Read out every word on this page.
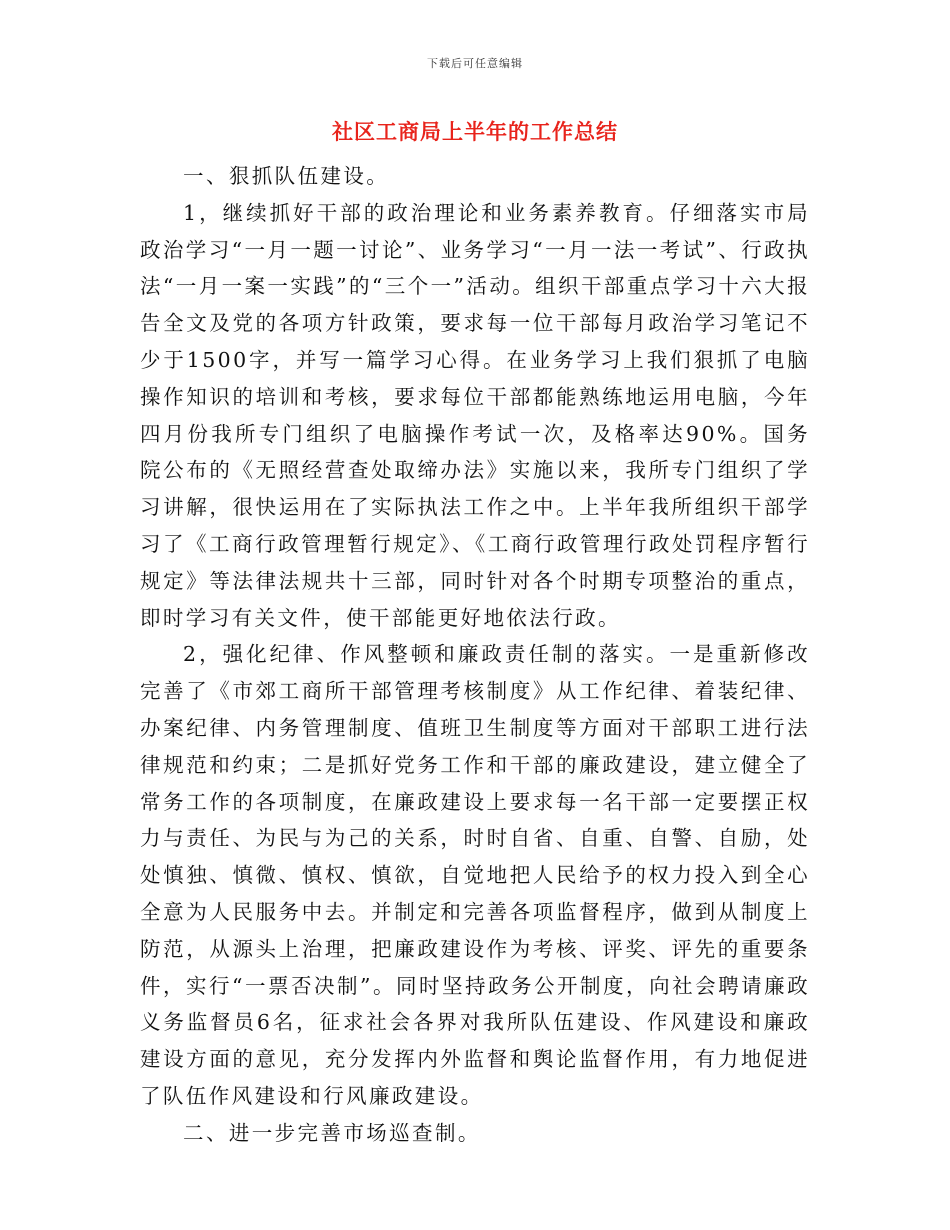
下载后可任意编辑
社区工商局上半年的工作总结

一、狠抓队伍建设。

1，继续抓好干部的政治理论和业务素养教育。仔细落实市局政治学习“一月一题一讨论”、业务学习“一月一法一考试”、行政执法“一月一案一实践”的“三个一”活动。组织干部重点学习十六大报告全文及党的各项方针政策，要求每一位干部每月政治学习笔记不少于1500字，并写一篇学习心得。在业务学习上我们狠抓了电脑操作知识的培训和考核，要求每位干部都能熟练地运用电脑，今年四月份我所专门组织了电脑操作考试一次，及格率达90%。国务院公布的《无照经营查处取缔办法》实施以来，我所专门组织了学习讲解，很快运用在了实际执法工作之中。上半年我所组织干部学习了《工商行政管理暂行规定》、《工商行政管理行政处罚程序暂行规定》等法律法规共十三部，同时针对各个时期专项整治的重点，即时学习有关文件，使干部能更好地依法行政。

2，强化纪律、作风整顿和廉政责任制的落实。一是重新修改完善了《市郊工商所干部管理考核制度》从工作纪律、着装纪律、办案纪律、内务管理制度、值班卫生制度等方面对干部职工进行法律规范和约束；二是抓好党务工作和干部的廉政建设，建立健全了常务工作的各项制度，在廉政建设上要求每一名干部一定要摆正权力与责任、为民与为己的关系，时时自省、自重、自警、自励，处处慎独、慎微、慎权、慎欲，自觉地把人民给予的权力投入到全心全意为人民服务中去。并制定和完善各项监督程序，做到从制度上防范，从源头上治理，把廉政建设作为考核、评奖、评先的重要条件，实行“一票否决制”。同时坚持政务公开制度，向社会聘请廉政义务监督员6名，征求社会各界对我所队伍建设、作风建设和廉政建设方面的意见，充分发挥内外监督和舆论监督作用，有力地促进了队伍作风建设和行风廉政建设。

二、进一步完善市场巡查制。
